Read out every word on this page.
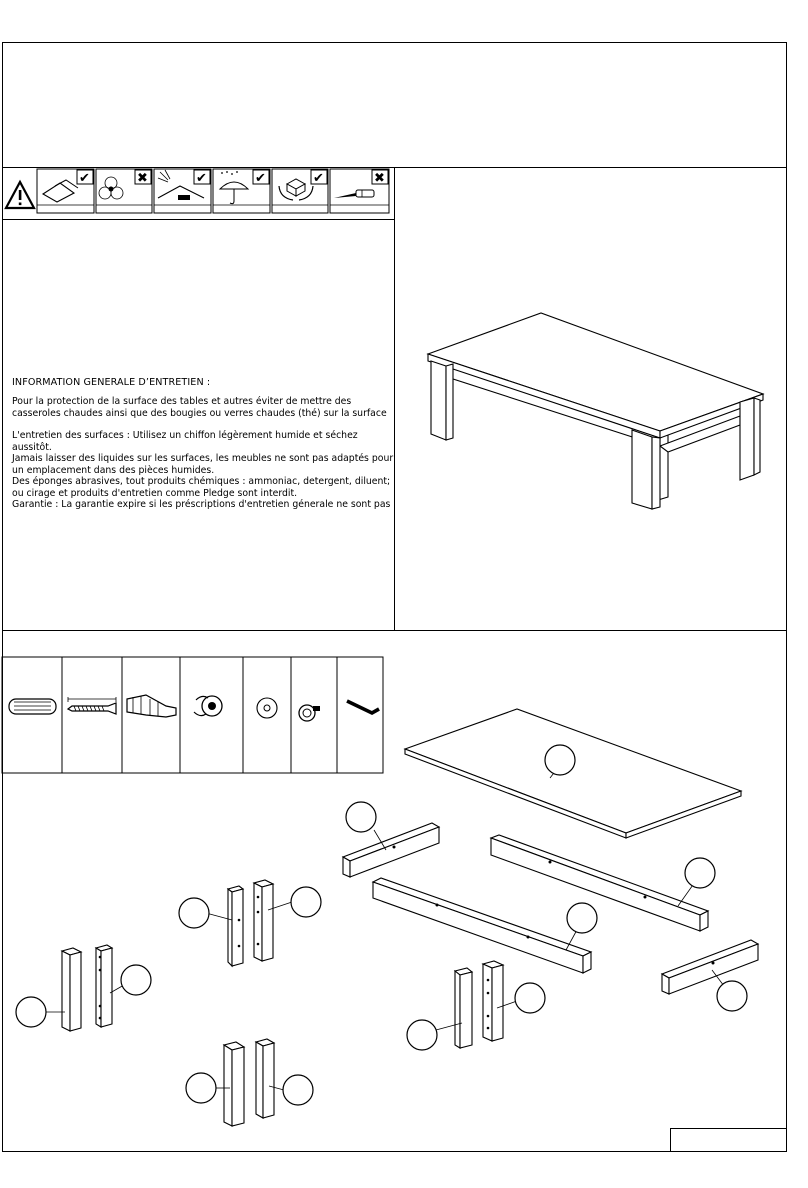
INFORMATION GENERALE D’ENTRETIEN :

Pour la protection de la surface des tables et autres éviter de mettre des casseroles chaudes ainsi que des bougies ou verres chaudes (thé) sur la surface

L'entretien des surfaces : Utilisez un chiffon légèrement humide et séchez aussitôt.

Jamais laisser des liquides sur les surfaces, les meubles ne sont pas adaptés pour un emplacement dans des pièces humides.

Des éponges abrasives, tout produits chémiques : ammoniac, detergent, diluent; ou cirage et produits d'entretien comme Pledge sont interdit.

Garantie : La garantie expire si les préscriptions d'entretien génerale ne sont pas

✔	✖	✔	✔	✔	✖
